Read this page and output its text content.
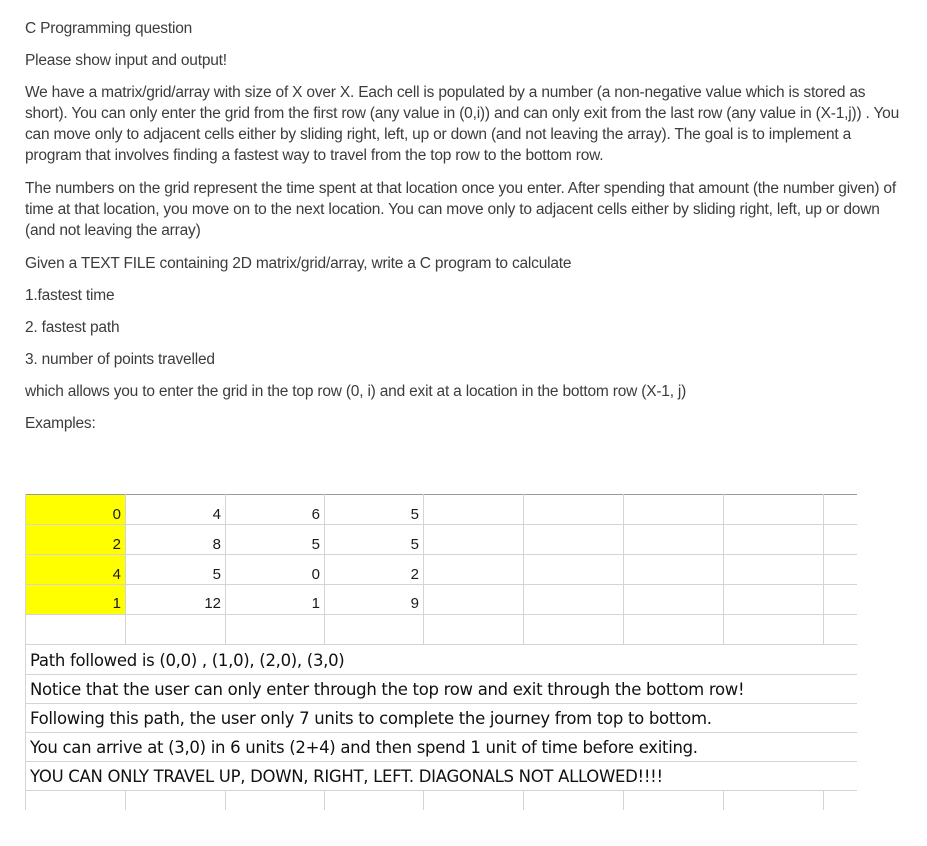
C Programming question

Please show input and output!

We have a matrix/grid/array with size of X over X. Each cell is populated by a number (a non-negative value which is stored as short). You can only enter the grid from the first row (any value in (0,i)) and can only exit from the last row (any value in (X-1,j)) . You can move only to adjacent cells either by sliding right, left, up or down (and not leaving the array). The goal is to implement a program that involves finding a fastest way to travel from the top row to the bottom row.

The numbers on the grid represent the time spent at that location once you enter. After spending that amount (the number given) of time at that location, you move on to the next location. You can move only to adjacent cells either by sliding right, left, up or down (and not leaving the array)

Given a TEXT FILE containing 2D matrix/grid/array, write a C program to calculate

1.fastest time

2. fastest path

3. number of points travelled

which allows you to enter the grid in the top row (0, i) and exit at a location in the bottom row (X-1, j)

Examples:

0	4	6	5
2	8	5	5
4	5	0	2
1	12	1	9
Path followed is (0,0) , (1,0), (2,0), (3,0)
Notice that the user can only enter through the top row and exit through the bottom row!
Following this path, the user only 7 units to complete the journey from top to bottom.
You can arrive at (3,0) in 6 units (2+4) and then spend 1 unit of time before exiting.
YOU CAN ONLY TRAVEL UP, DOWN, RIGHT, LEFT. DIAGONALS NOT ALLOWED!!!!
